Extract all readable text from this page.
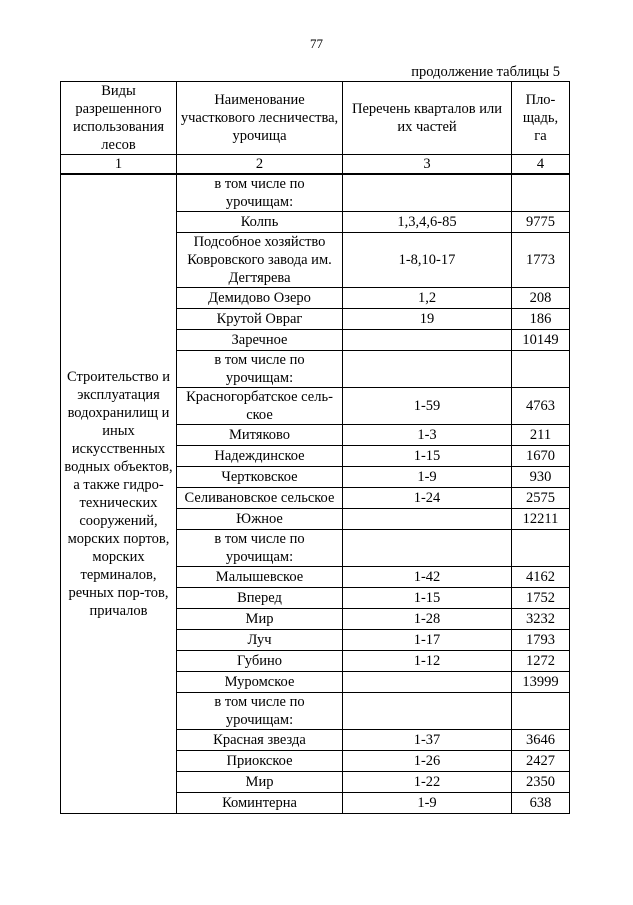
77
продолжение таблицы 5
Виды разрешенного использования лесов	Наименование участкового лесничества, урочища	Перечень кварталов или их частей	Пло-щадь, га
1	2	3	4
Строительство и эксплуатация водохранилищ и иных искусственных водных объектов, а также гидро-технических сооружений, морских портов, морских терминалов, речных пор-тов, причалов	в том числе по урочищам:		
	Колпь	1,3,4,6-85	9775
	Подсобное хозяйство Ковровского завода им. Дегтярева	1-8,10-17	1773
	Демидово Озеро	1,2	208
	Крутой Овраг	19	186
	Заречное		10149
	в том числе по урочищам:		
	Красногорбатское сель-ское	1-59	4763
	Митяково	1-3	211
	Надеждинское	1-15	1670
	Чертковское	1-9	930
	Селивановское сельское	1-24	2575
	Южное		12211
	в том числе по урочищам:		
	Малышевское	1-42	4162
	Вперед	1-15	1752
	Мир	1-28	3232
	Луч	1-17	1793
	Губино	1-12	1272
	Муромское		13999
	в том числе по урочищам:		
	Красная звезда	1-37	3646
	Приокское	1-26	2427
	Мир	1-22	2350
	Коминтерна	1-9	638
